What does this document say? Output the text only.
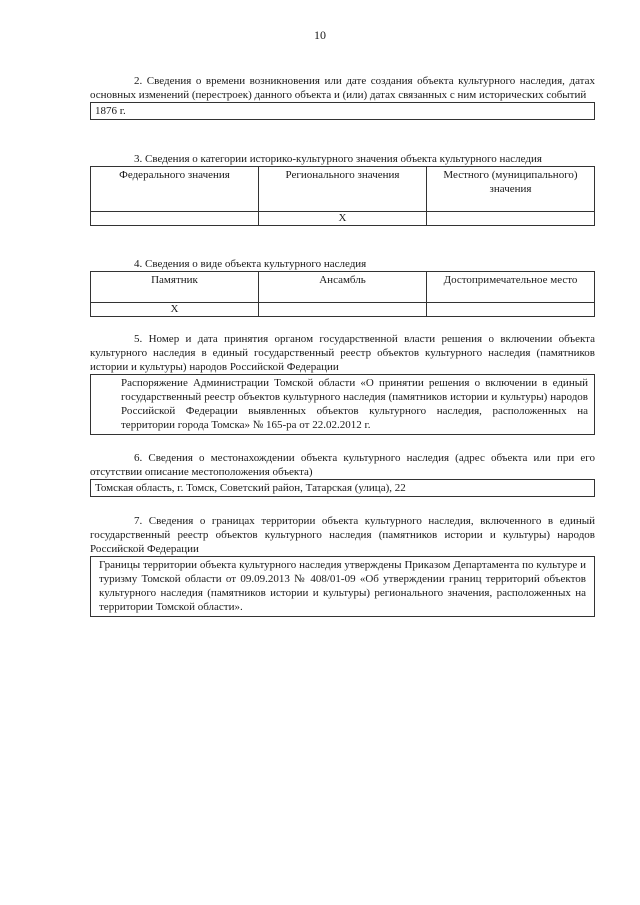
10

2. Сведения о времени возникновения или дате создания объекта культурного наследия, датах основных изменений (перестроек) данного объекта и (или) датах связанных с ним исторических событий

1876 г.

3. Сведения о категории историко-культурного значения объекта культурного наследия

Федерального значения	Регионального значения	Местного (муниципального) значения
	X	

4. Сведения о виде объекта культурного наследия

Памятник	Ансамбль	Достопримечательное место
X		

5. Номер и дата принятия органом государственной власти решения о включении объекта культурного наследия в единый государственный реестр объектов культурного наследия (памятников истории и культуры) народов Российской Федерации

Распоряжение Администрации Томской области «О принятии решения о включении в единый государственный реестр объектов культурного наследия (памятников истории и культуры) народов Российской Федерации выявленных объектов культурного наследия, расположенных на территории города Томска» № 165-ра от 22.02.2012 г.

6. Сведения о местонахождении объекта культурного наследия (адрес объекта или при его отсутствии описание местоположения объекта)

Томская область, г. Томск, Советский район, Татарская (улица), 22

7. Сведения о границах территории объекта культурного наследия, включенного в единый государственный реестр объектов культурного наследия (памятников истории и культуры) народов Российской Федерации

Границы территории объекта культурного наследия утверждены Приказом Департамента по культуре и туризму Томской области от 09.09.2013 № 408/01-09 «Об утверждении границ территорий объектов культурного наследия (памятников истории и культуры) регионального значения, расположенных на территории Томской области».
